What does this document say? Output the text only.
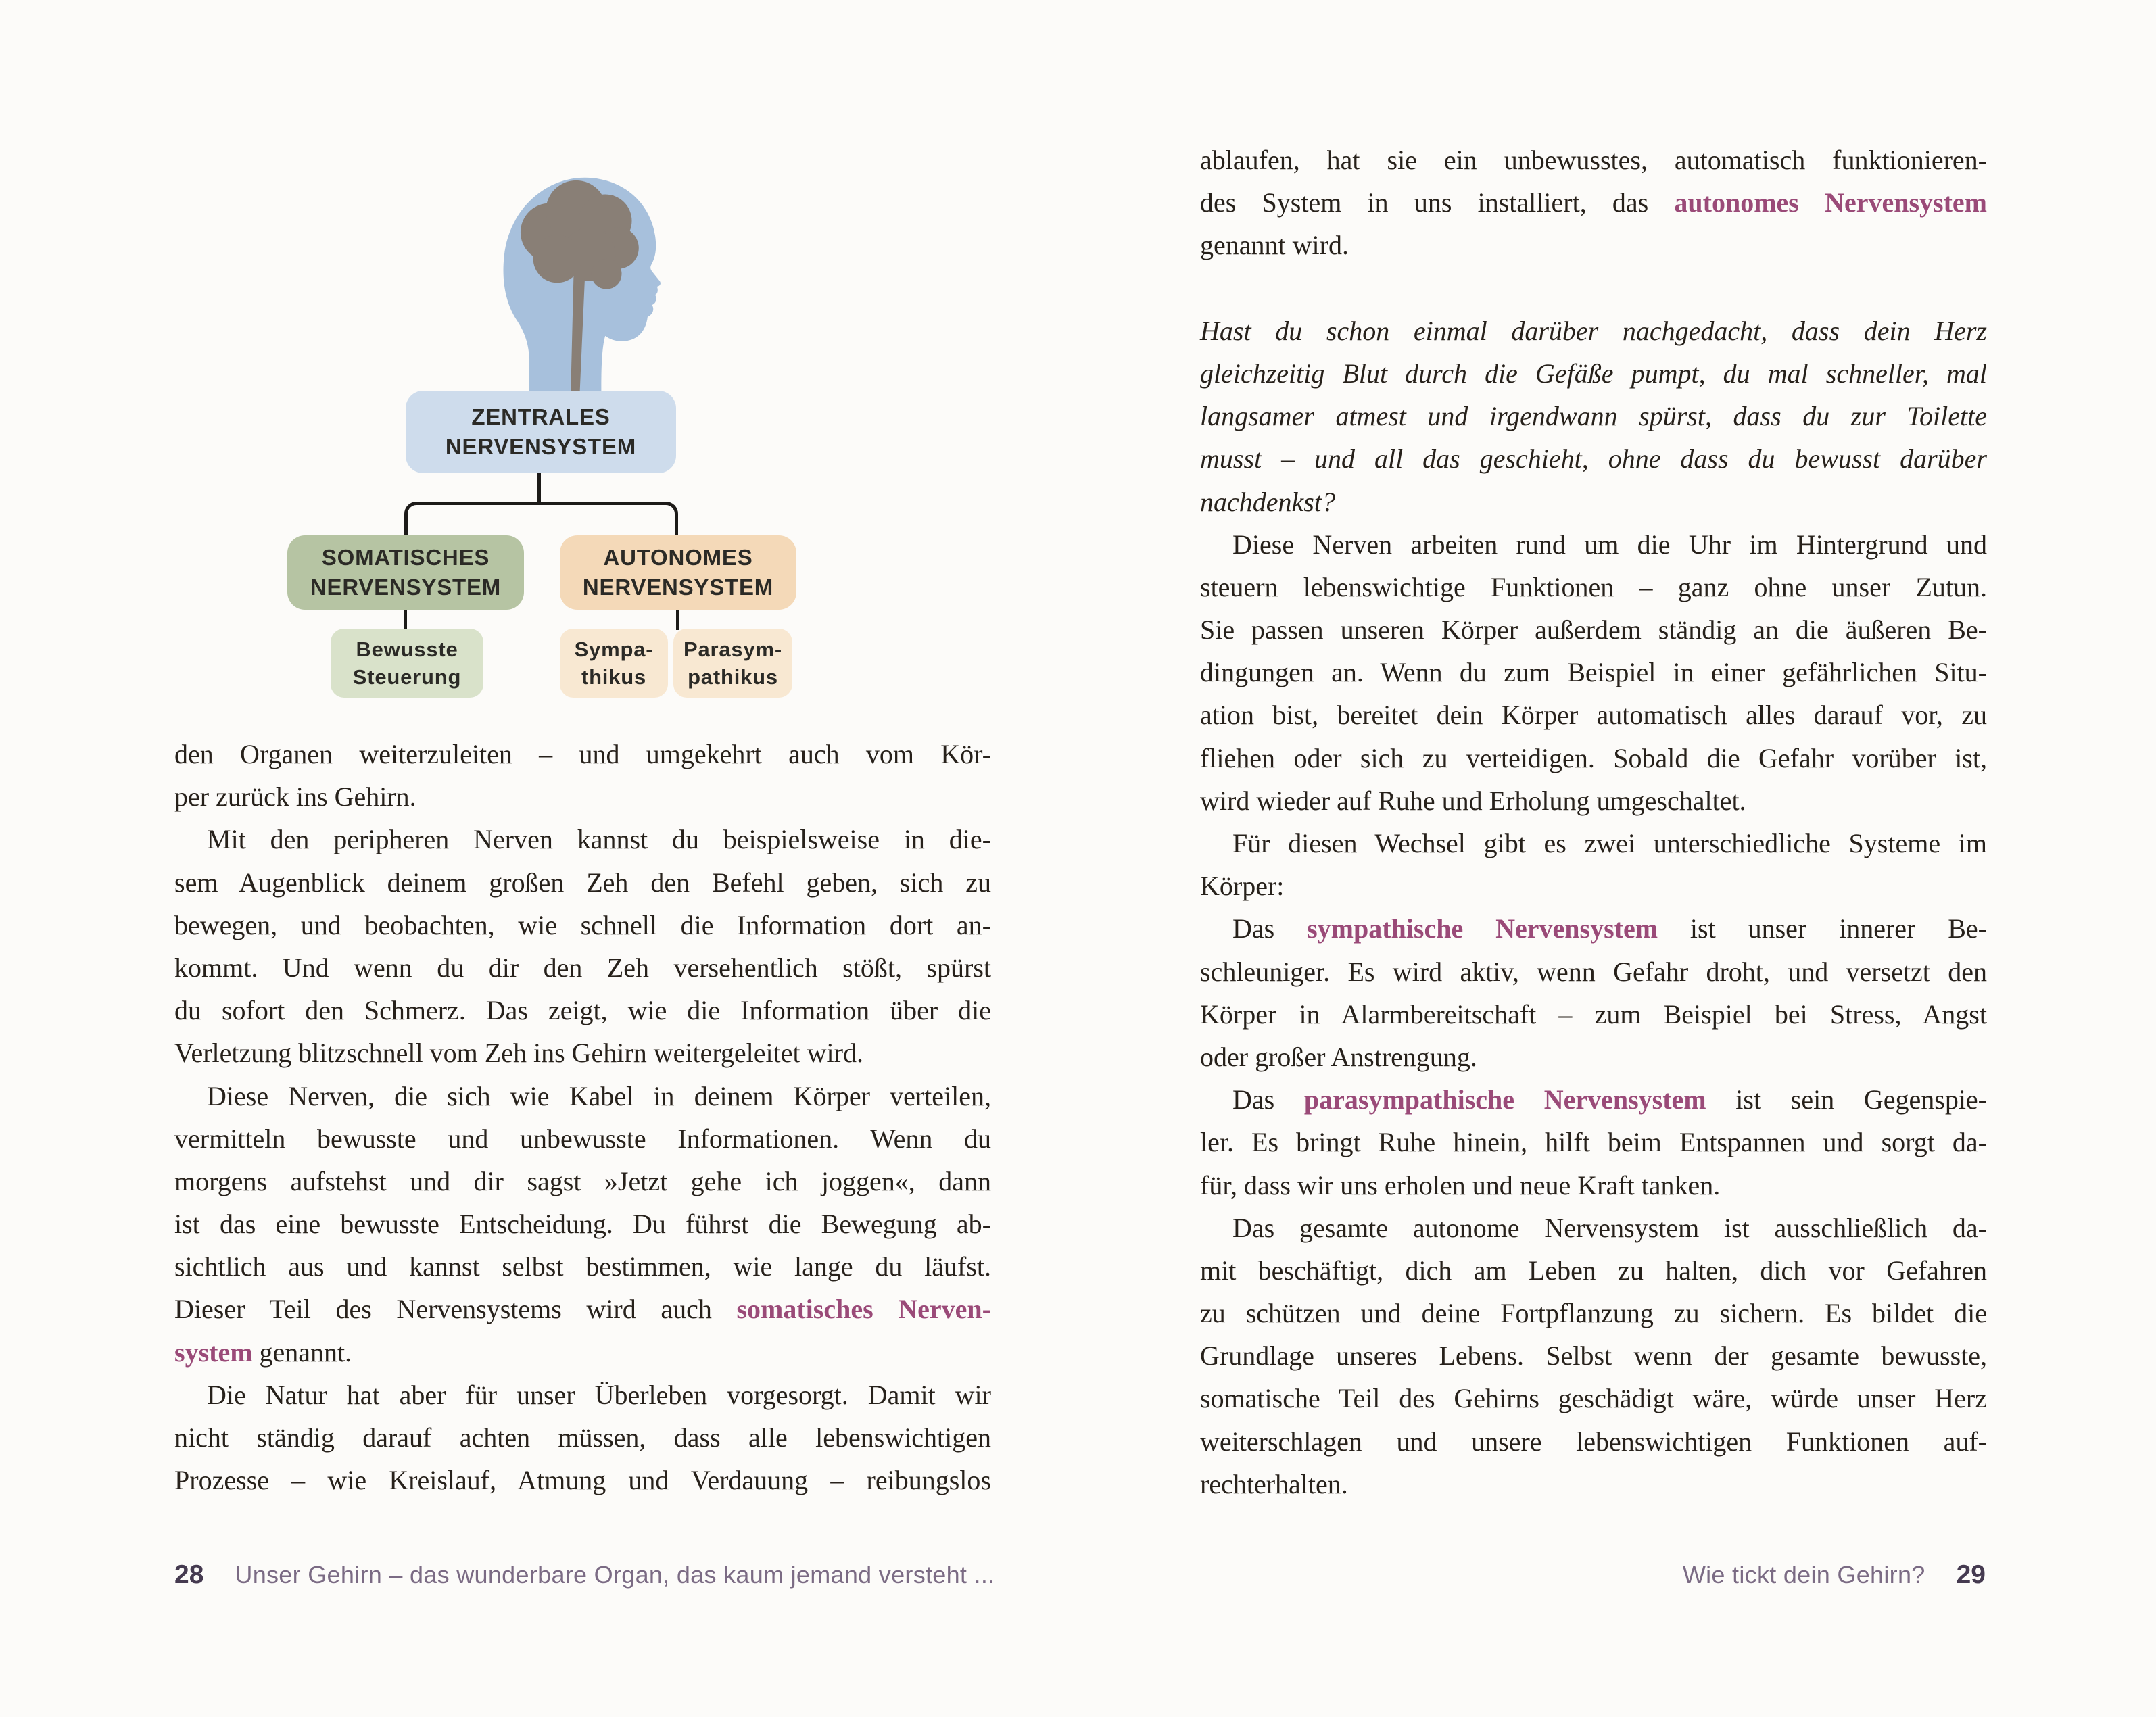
ZENTRALES
NERVENSYSTEM
SOMATISCHES
NERVENSYSTEM
AUTONOMES
NERVENSYSTEM
Bewusste
Steuerung
Sympa-
thikus
Parasym-
pathikus
den Organen weiterzuleiten – und umgekehrt auch vom Kör-
per zurück ins Gehirn.
Mit den peripheren Nerven kannst du beispielsweise in die-
sem Augenblick deinem großen Zeh den Befehl geben, sich zu
bewegen, und beobachten, wie schnell die Information dort an-
kommt. Und wenn du dir den Zeh versehentlich stößt, spürst
du sofort den Schmerz. Das zeigt, wie die Information über die
Verletzung blitzschnell vom Zeh ins Gehirn weitergeleitet wird.
Diese Nerven, die sich wie Kabel in deinem Körper verteilen,
vermitteln bewusste und unbewusste Informationen. Wenn du
morgens aufstehst und dir sagst »Jetzt gehe ich joggen«, dann
ist das eine bewusste Entscheidung. Du führst die Bewegung ab-
sichtlich aus und kannst selbst bestimmen, wie lange du läufst.
Dieser Teil des Nervensystems wird auch somatisches Nerven-
system genannt.
Die Natur hat aber für unser Überleben vorgesorgt. Damit wir
nicht ständig darauf achten müssen, dass alle lebenswichtigen
Prozesse – wie Kreislauf, Atmung und Verdauung – reibungslos
28 Unser Gehirn – das wunderbare Organ, das kaum jemand versteht ...
ablaufen, hat sie ein unbewusstes, automatisch funktionieren-
des System in uns installiert, das autonomes Nervensystem
genannt wird.
Hast du schon einmal darüber nachgedacht, dass dein Herz
gleichzeitig Blut durch die Gefäße pumpt, du mal schneller, mal
langsamer atmest und irgendwann spürst, dass du zur Toilette
musst – und all das geschieht, ohne dass du bewusst darüber
nachdenkst?
Diese Nerven arbeiten rund um die Uhr im Hintergrund und
steuern lebenswichtige Funktionen – ganz ohne unser Zutun.
Sie passen unseren Körper außerdem ständig an die äußeren Be-
dingungen an. Wenn du zum Beispiel in einer gefährlichen Situ-
ation bist, bereitet dein Körper automatisch alles darauf vor, zu
fliehen oder sich zu verteidigen. Sobald die Gefahr vorüber ist,
wird wieder auf Ruhe und Erholung umgeschaltet.
Für diesen Wechsel gibt es zwei unterschiedliche Systeme im
Körper:
Das sympathische Nervensystem ist unser innerer Be-
schleuniger. Es wird aktiv, wenn Gefahr droht, und versetzt den
Körper in Alarmbereitschaft – zum Beispiel bei Stress, Angst
oder großer Anstrengung.
Das parasympathische Nervensystem ist sein Gegenspie-
ler. Es bringt Ruhe hinein, hilft beim Entspannen und sorgt da-
für, dass wir uns erholen und neue Kraft tanken.
Das gesamte autonome Nervensystem ist ausschließlich da-
mit beschäftigt, dich am Leben zu halten, dich vor Gefahren
zu schützen und deine Fortpflanzung zu sichern. Es bildet die
Grundlage unseres Lebens. Selbst wenn der gesamte bewusste,
somatische Teil des Gehirns geschädigt wäre, würde unser Herz
weiterschlagen und unsere lebenswichtigen Funktionen auf-
rechterhalten.
Wie tickt dein Gehirn? 29
